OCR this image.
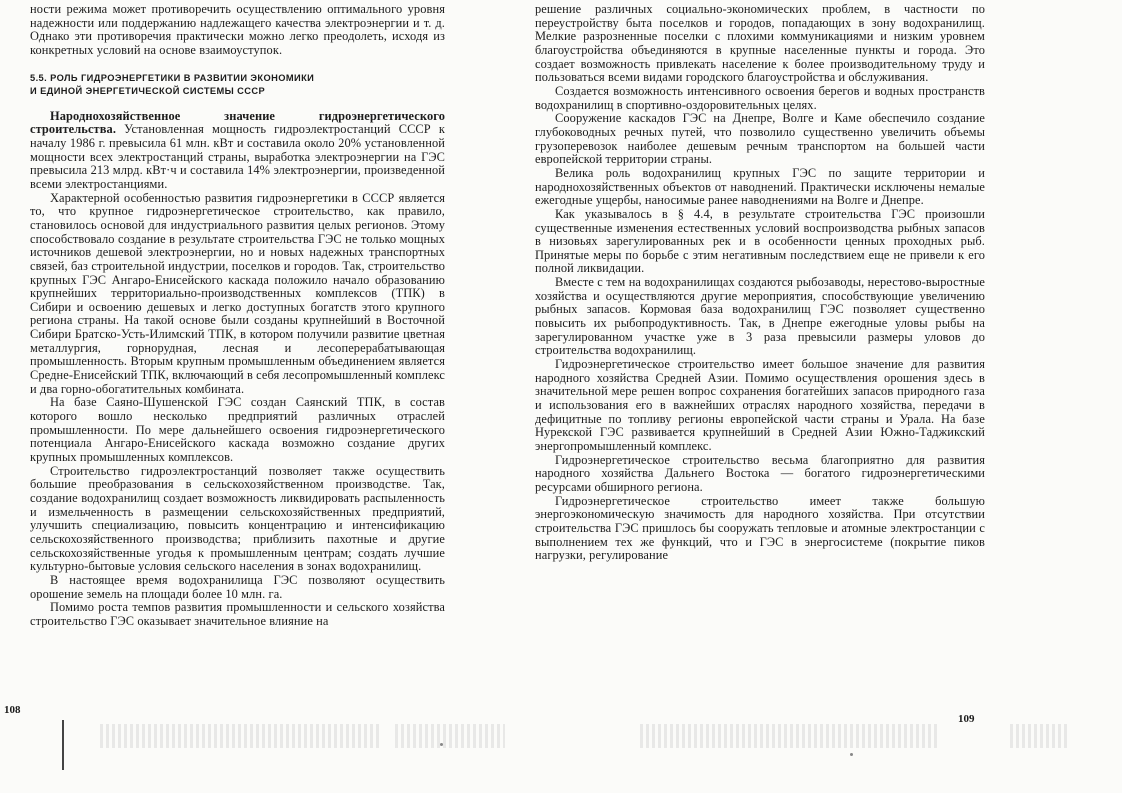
ности режима может противоречить осуществлению оптимального уровня надежности или поддержанию надлежащего качества электроэнергии и т. д. Однако эти противоречия практически можно легко преодолеть, исходя из конкретных условий на основе взаимоуступок.

5.5. РОЛЬ ГИДРОЭНЕРГЕТИКИ В РАЗВИТИИ ЭКОНОМИКИ
И ЕДИНОЙ ЭНЕРГЕТИЧЕСКОЙ СИСТЕМЫ СССР

Народнохозяйственное значение гидроэнергетического строительства. Установленная мощность гидроэлектростанций СССР к началу 1986 г. превысила 61 млн. кВт и составила около 20% установленной мощности всех электростанций страны, выработка электроэнергии на ГЭС превысила 213 млрд. кВт·ч и составила 14% электроэнергии, произведенной всеми электростанциями.

Характерной особенностью развития гидроэнергетики в СССР является то, что крупное гидроэнергетическое строительство, как правило, становилось основой для индустриального развития целых регионов. Этому способствовало создание в результате строительства ГЭС не только мощных источников дешевой электроэнергии, но и новых надежных транспортных связей, баз строительной индустрии, поселков и городов. Так, строительство крупных ГЭС Ангаро-Енисейского каскада положило начало образованию крупнейших территориально-производственных комплексов (ТПК) в Сибири и освоению дешевых и легко доступных богатств этого крупного региона страны. На такой основе были созданы крупнейший в Восточной Сибири Братско-Усть-Илимский ТПК, в котором получили развитие цветная металлургия, горнорудная, лесная и лесоперерабатывающая промышленность. Вторым крупным промышленным объединением является Средне-Енисейский ТПК, включающий в себя лесопромышленный комплекс и два горно-обогатительных комбината.

На базе Саяно-Шушенской ГЭС создан Саянский ТПК, в состав которого вошло несколько предприятий различных отраслей промышленности. По мере дальнейшего освоения гидроэнергетического потенциала Ангаро-Енисейского каскада возможно создание других крупных промышленных комплексов.

Строительство гидроэлектростанций позволяет также осуществить большие преобразования в сельскохозяйственном производстве. Так, создание водохранилищ создает возможность ликвидировать распыленность и измельченность в размещении сельскохозяйственных предприятий, улучшить специализацию, повысить концентрацию и интенсификацию сельскохозяйственного производства; приблизить пахотные и другие сельскохозяйственные угодья к промышленным центрам; создать лучшие культурно-бытовые условия сельского населения в зонах водохранилищ.

В настоящее время водохранилища ГЭС позволяют осуществить орошение земель на площади более 10 млн. га.

Помимо роста темпов развития промышленности и сельского хозяйства строительство ГЭС оказывает значительное влияние на

108

решение различных социально-экономических проблем, в частности по переустройству быта поселков и городов, попадающих в зону водохранилищ. Мелкие разрозненные поселки с плохими коммуникациями и низким уровнем благоустройства объединяются в крупные населенные пункты и города. Это создает возможность привлекать население к более производительному труду и пользоваться всеми видами городского благоустройства и обслуживания.

Создается возможность интенсивного освоения берегов и водных пространств водохранилищ в спортивно-оздоровительных целях.

Сооружение каскадов ГЭС на Днепре, Волге и Каме обеспечило создание глубоководных речных путей, что позволило существенно увеличить объемы грузоперевозок наиболее дешевым речным транспортом на большей части европейской территории страны.

Велика роль водохранилищ крупных ГЭС по защите территории и народнохозяйственных объектов от наводнений. Практически исключены немалые ежегодные ущербы, наносимые ранее наводнениями на Волге и Днепре.

Как указывалось в § 4.4, в результате строительства ГЭС произошли существенные изменения естественных условий воспроизводства рыбных запасов в низовьях зарегулированных рек и в особенности ценных проходных рыб. Принятые меры по борьбе с этим негативным последствием еще не привели к его полной ликвидации.

Вместе с тем на водохранилищах создаются рыбозаводы, нерестово-выростные хозяйства и осуществляются другие мероприятия, способствующие увеличению рыбных запасов. Кормовая база водохранилищ ГЭС позволяет существенно повысить их рыбопродуктивность. Так, в Днепре ежегодные уловы рыбы на зарегулированном участке уже в 3 раза превысили размеры уловов до строительства водохранилищ.

Гидроэнергетическое строительство имеет большое значение для развития народного хозяйства Средней Азии. Помимо осуществления орошения здесь в значительной мере решен вопрос сохранения богатейших запасов природного газа и использования его в важнейших отраслях народного хозяйства, передачи в дефицитные по топливу регионы европейской части страны и Урала. На базе Нурекской ГЭС развивается крупнейший в Средней Азии Южно-Таджикский энергопромышленный комплекс.

Гидроэнергетическое строительство весьма благоприятно для развития народного хозяйства Дальнего Востока — богатого гидроэнергетическими ресурсами обширного региона.

Гидроэнергетическое строительство имеет также большую энергоэкономическую значимость для народного хозяйства. При отсутствии строительства ГЭС пришлось бы сооружать тепловые и атомные электростанции с выполнением тех же функций, что и ГЭС в энергосистеме (покрытие пиков нагрузки, регулирование

109
